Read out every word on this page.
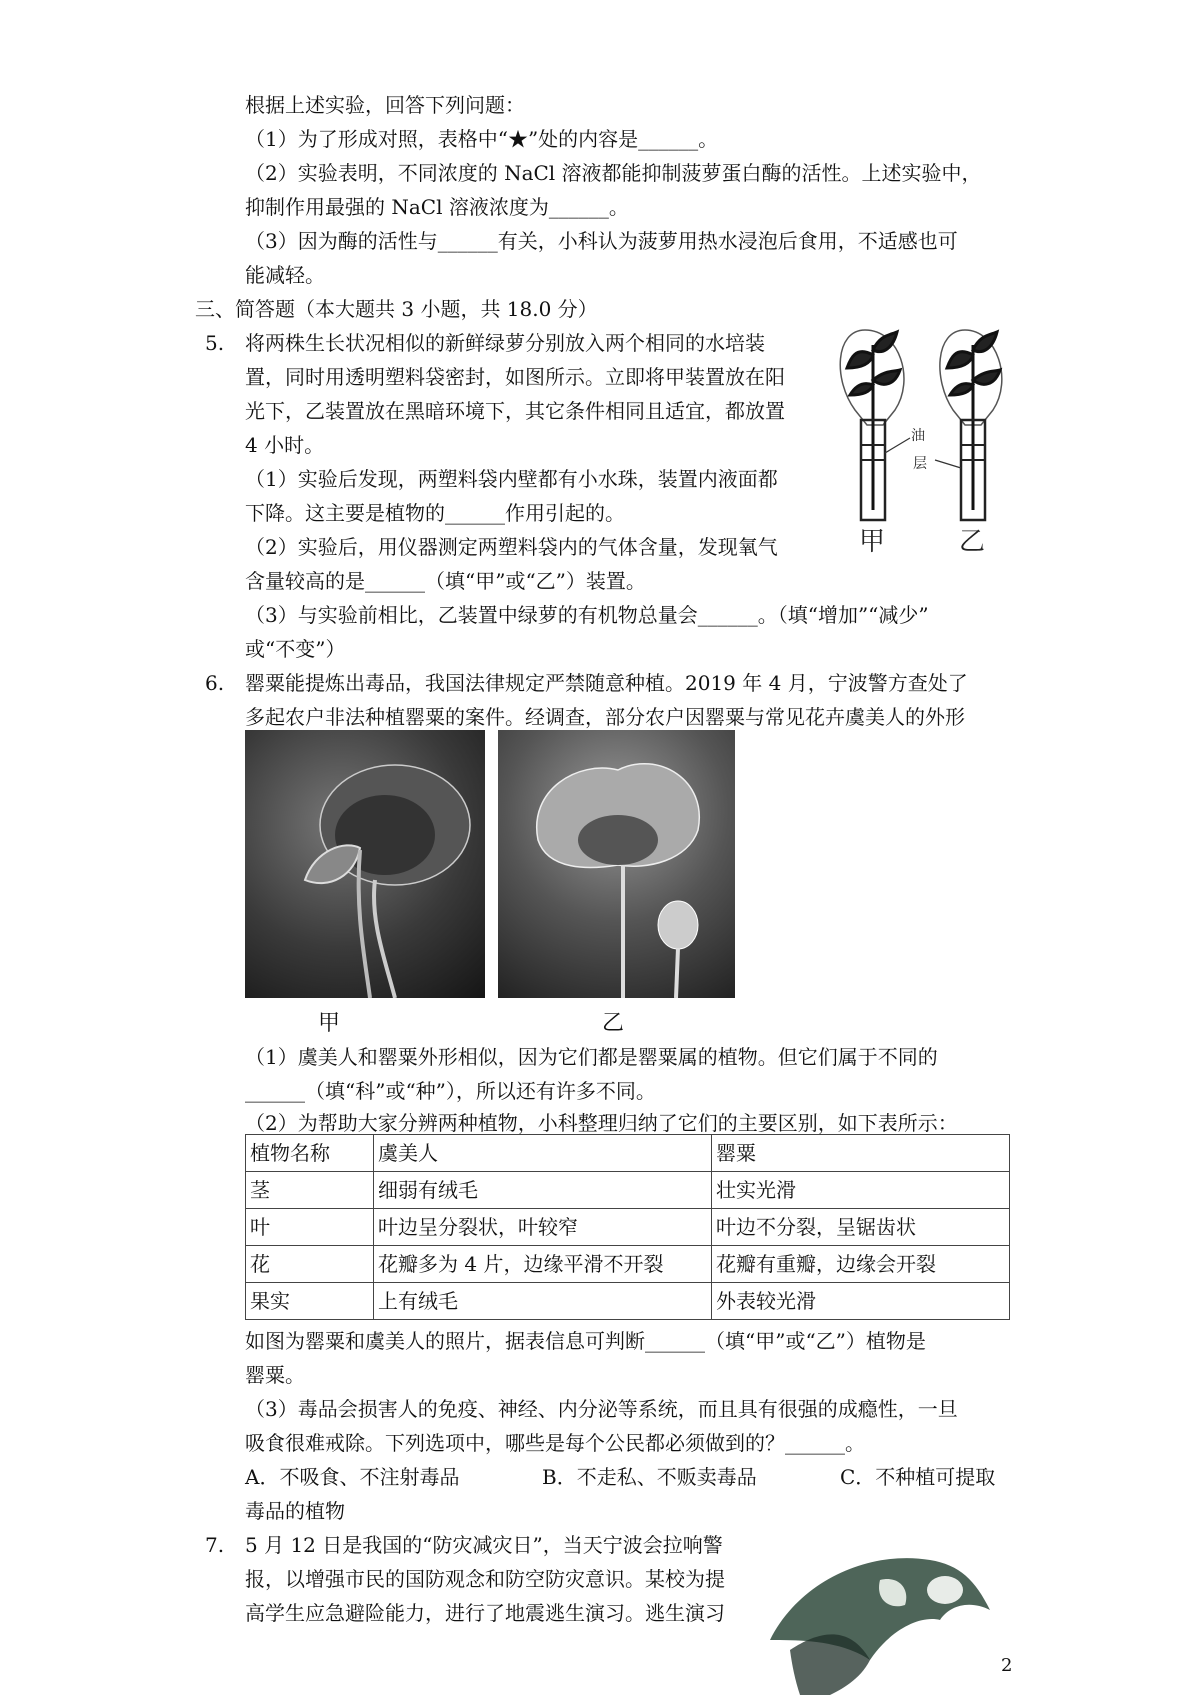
根据上述实验，回答下列问题：
（1）为了形成对照，表格中“★”处的内容是______。
（2）实验表明，不同浓度的 NaCl 溶液都能抑制菠萝蛋白酶的活性。上述实验中，
抑制作用最强的 NaCl 溶液浓度为______。
（3）因为酶的活性与______有关，小科认为菠萝用热水浸泡后食用，不适感也可
能减轻。
三、简答题（本大题共 3 小题，共 18.0 分）
5. 将两株生长状况相似的新鲜绿萝分别放入两个相同的水培装
置，同时用透明塑料袋密封，如图所示。立即将甲装置放在阳
光下，乙装置放在黑暗环境下，其它条件相同且适宜，都放置
4 小时。
（1）实验后发现，两塑料袋内壁都有小水珠，装置内液面都
下降。这主要是植物的______作用引起的。
（2）实验后，用仪器测定两塑料袋内的气体含量，发现氧气
含量较高的是______（填“甲”或“乙”）装置。
（3）与实验前相比，乙装置中绿萝的有机物总量会______。（填“增加”“减少”
或“不变”）
油
层
甲	乙
6. 罂粟能提炼出毒品，我国法律规定严禁随意种植。2019 年 4 月，宁波警方查处了
多起农户非法种植罂粟的案件。经调查，部分农户因罂粟与常见花卉虞美人的外形
甲	乙
（1）虞美人和罂粟外形相似，因为它们都是罂粟属的植物。但它们属于不同的
______（填“科”或“种”），所以还有许多不同。
（2）为帮助大家分辨两种植物，小科整理归纳了它们的主要区别，如下表所示：
植物名称	虞美人	罂粟
茎	细弱有绒毛	壮实光滑
叶	叶边呈分裂状，叶较窄	叶边不分裂，呈锯齿状
花	花瓣多为 4 片，边缘平滑不开裂	花瓣有重瓣，边缘会开裂
果实	上有绒毛	外表较光滑
如图为罂粟和虞美人的照片，据表信息可判断______（填“甲”或“乙”）植物是
罂粟。
（3）毒品会损害人的免疫、神经、内分泌等系统，而且具有很强的成瘾性，一旦
吸食很难戒除。下列选项中，哪些是每个公民都必须做到的？______。
A．不吸食、不注射毒品	B．不走私、不贩卖毒品	C．不种植可提取
毒品的植物
7. 5 月 12 日是我国的“防灾减灾日”，当天宁波会拉响警
报，以增强市民的国防观念和防空防灾意识。某校为提
高学生应急避险能力，进行了地震逃生演习。逃生演习
2
